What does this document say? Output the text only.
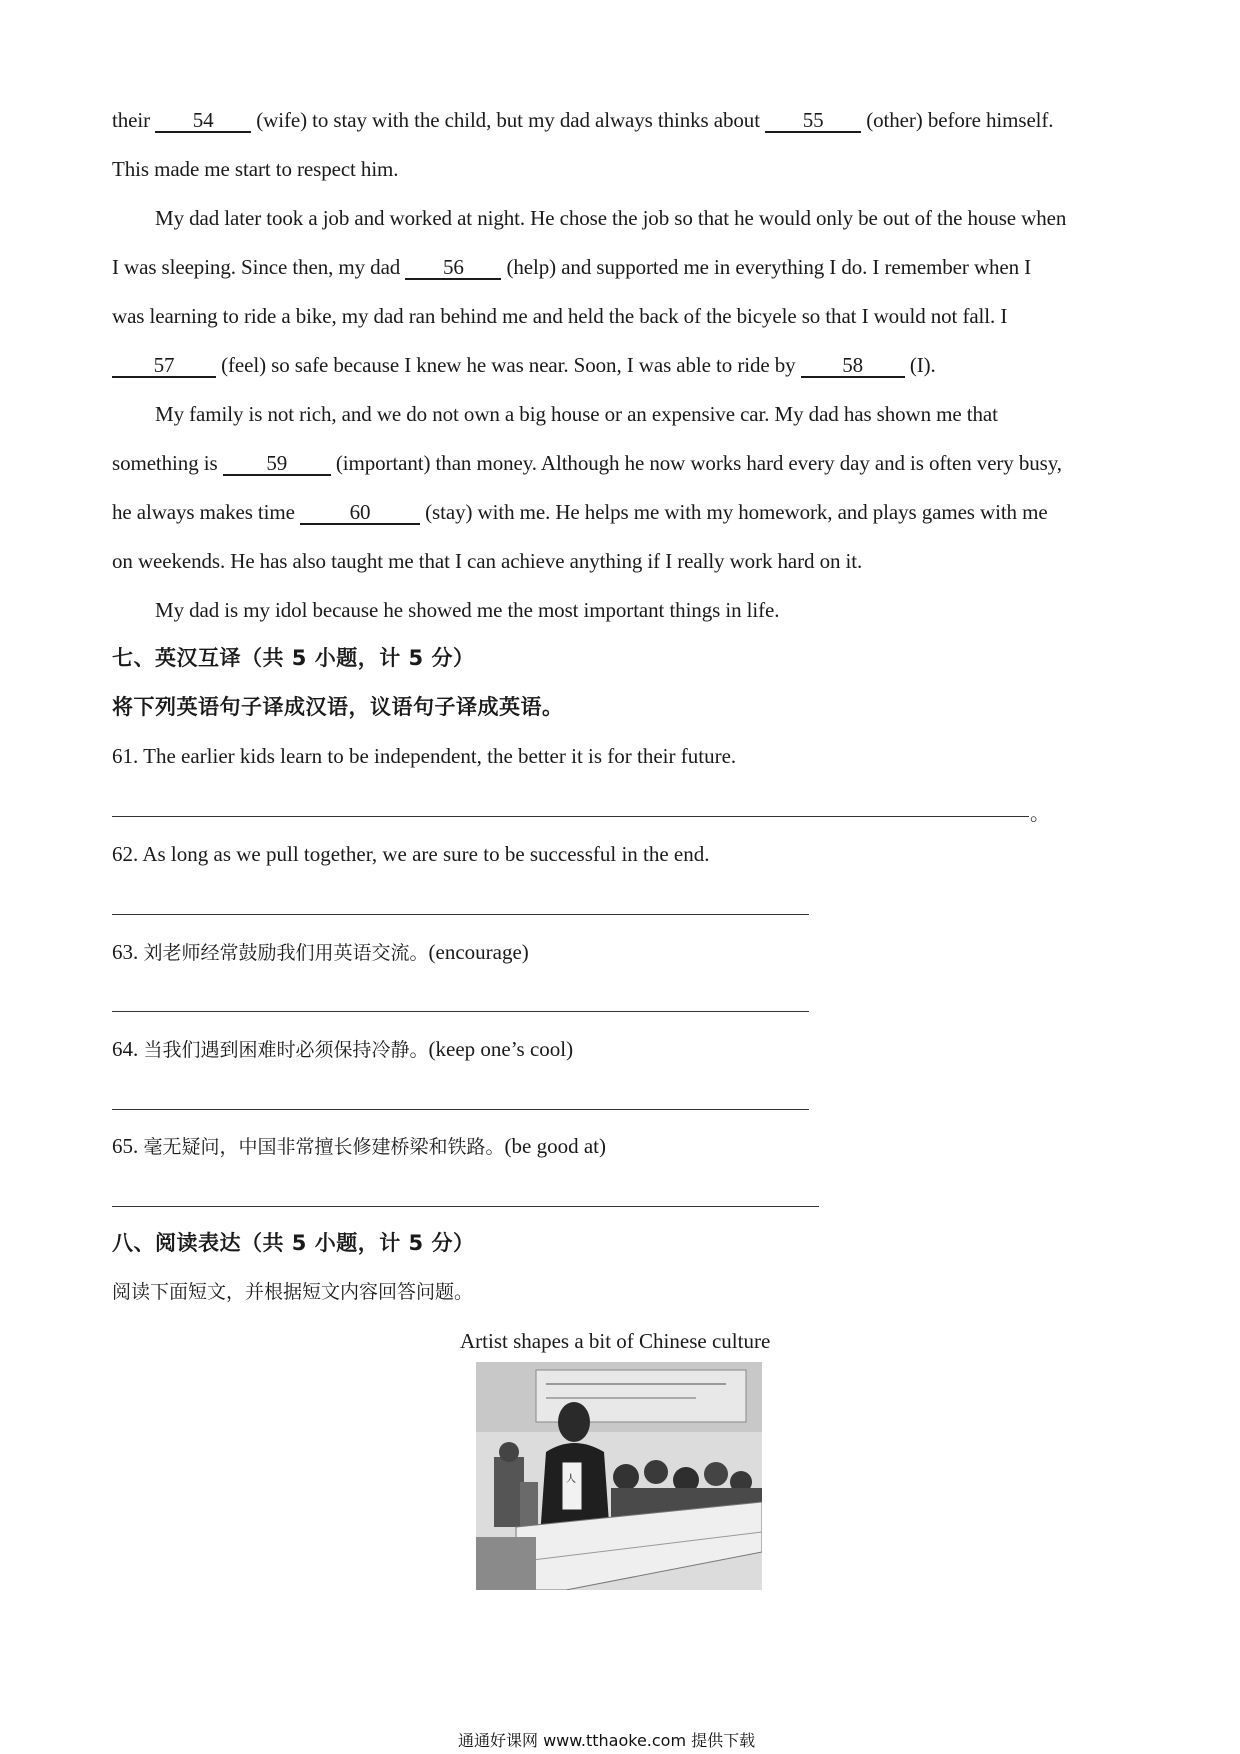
their 54 (wife) to stay with the child, but my dad always thinks about 55 (other) before himself.
This made me start to respect him.
My dad later took a job and worked at night. He chose the job so that he would only be out of the house when
I was sleeping. Since then, my dad 56 (help) and supported me in everything I do. I remember when I
was learning to ride a bike, my dad ran behind me and held the back of the bicyele so that I would not fall. I
57 (feel) so safe because I knew he was near. Soon, I was able to ride by 58 (I).
My family is not rich, and we do not own a big house or an expensive car. My dad has shown me that
something is 59 (important) than money. Although he now works hard every day and is often very busy,
he always makes time 60 (stay) with me. He helps me with my homework, and plays games with me
on weekends. He has also taught me that I can achieve anything if I really work hard on it.
My dad is my idol because he showed me the most important things in life.
七、英汉互译（共 5 小题，计 5 分）
将下列英语句子译成汉语，议语句子译成英语。
61. The earlier kids learn to be independent, the better it is for their future.
。
62. As long as we pull together, we are sure to be successful in the end.
63. 刘老师经常鼓励我们用英语交流。(encourage)
64. 当我们遇到困难时必须保持冷静。(keep one’s cool)
65. 毫无疑问，中国非常擅长修建桥梁和铁路。(be good at)
八、阅读表达（共 5 小题，计 5 分）
阅读下面短文，并根据短文内容回答问题。
Artist shapes a bit of Chinese culture
人
通通好课网 www.tthaoke.com 提供下载
